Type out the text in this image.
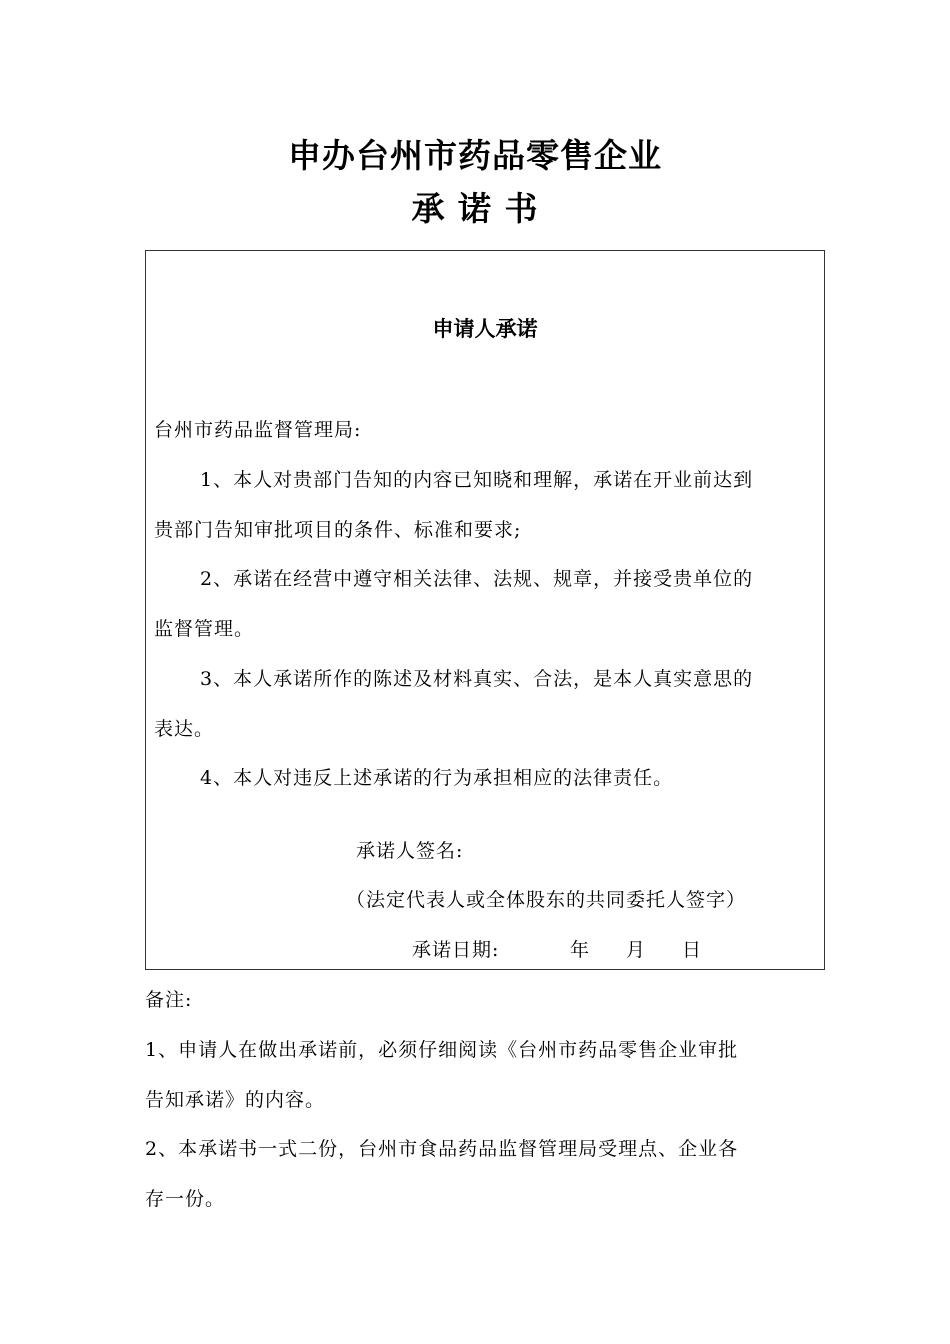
申办台州市药品零售企业
承 诺 书
申请人承诺
台州市药品监督管理局:
1、本人对贵部门告知的内容已知晓和理解，承诺在开业前达到
贵部门告知审批项目的条件、标准和要求;
2、承诺在经营中遵守相关法律、法规、规章，并接受贵单位的
监督管理。
3、本人承诺所作的陈述及材料真实、合法，是本人真实意思的
表达。
4、本人对违反上述承诺的行为承担相应的法律责任。
承诺人签名:
（法定代表人或全体股东的共同委托人签字）
承诺日期:	年 月 日
备注:
1、申请人在做出承诺前，必须仔细阅读《台州市药品零售企业审批
告知承诺》的内容。
2、本承诺书一式二份，台州市食品药品监督管理局受理点、企业各
存一份。
